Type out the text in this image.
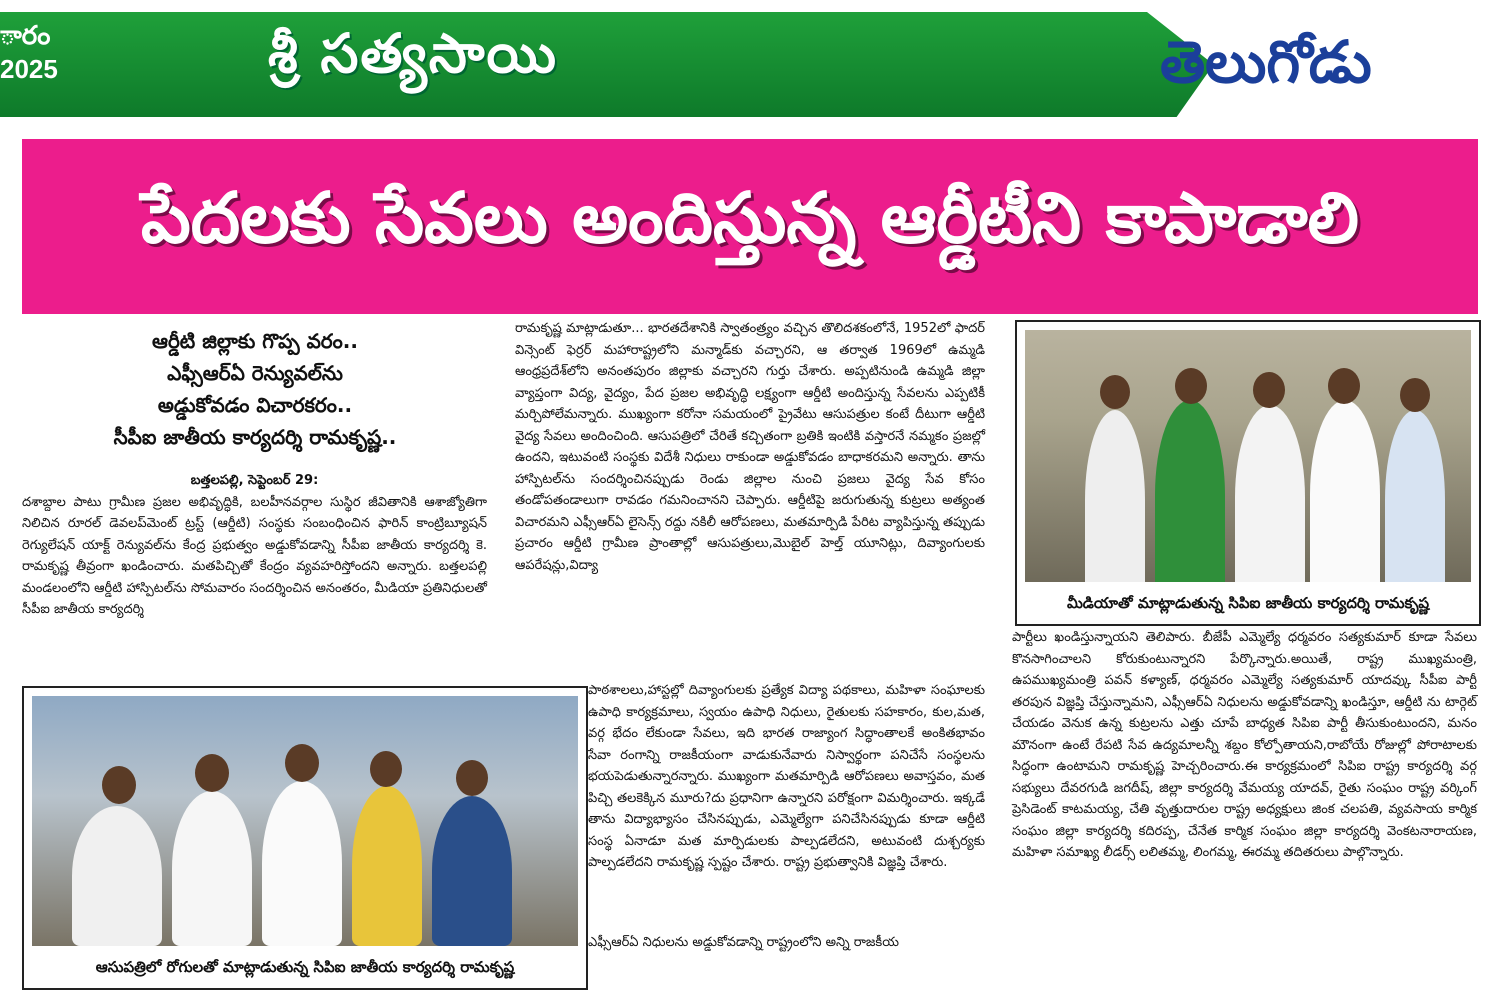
ారం
2025	శ్రీ సత్యసాయి	తెలుగోడు
పేదలకు సేవలు అందిస్తున్న ఆర్డీటీని కాపాడాలి
ఆర్డీటి జిల్లాకు గొప్ప వరం..
ఎఫ్సీఆర్ఏ రెన్యువల్‌ను
అడ్డుకోవడం విచారకరం..
సీపీఐ జాతీయ కార్యదర్శి రామకృష్ణ..

బత్తలపల్లి, సెప్టెంబర్ 29:

దశాబ్దాల పాటు గ్రామీణ ప్రజల అభివృద్ధికి, బలహీనవర్గాల సుస్థిర జీవితానికి ఆశాజ్యోతిగా నిలిచిన రూరల్ డెవలప్‌మెంట్ ట్రస్ట్ (ఆర్డీటి) సంస్థకు సంబంధించిన ఫారిన్ కాంట్రిబ్యూషన్ రెగ్యులేషన్ యాక్ట్ రెన్యువల్‌ను కేంద్ర ప్రభుత్వం అడ్డుకోవడాన్ని సీపీఐ జాతీయ కార్యదర్శి కె. రామకృష్ణ తీవ్రంగా ఖండించారు. మతపిచ్చితో కేంద్రం వ్యవహరిస్తోందని అన్నారు. బత్తలపల్లి మండలంలోని ఆర్డీటి హాస్పిటల్‌ను సోమవారం సందర్శించిన అనంతరం, మీడియా ప్రతినిధులతో సీపీఐ జాతీయ కార్యదర్శి

రామకృష్ణ మాట్లాడుతూ... భారతదేశానికి స్వాతంత్ర్యం వచ్చిన తొలిదశకంలోనే, 1952లో ఫాదర్ విన్సెంట్ ఫెర్రర్ మహారాష్ట్రలోని మన్మాడ్‌కు వచ్చారని, ఆ తర్వాత 1969లో ఉమ్మడి ఆంధ్రప్రదేశ్‌లోని అనంతపురం జిల్లాకు వచ్చారని గుర్తు చేశారు. అప్పటినుండి ఉమ్మడి జిల్లా వ్యాప్తంగా విద్య, వైద్యం, పేద ప్రజల అభివృద్ధి లక్ష్యంగా ఆర్డీటి అందిస్తున్న సేవలను ఎప్పటికీ మర్చిపోలేమన్నారు. ముఖ్యంగా కరోనా సమయంలో ప్రైవేటు ఆసుపత్రుల కంటే దీటుగా ఆర్డీటి వైద్య సేవలు అందించింది. ఆసుపత్రిలో చేరితే కచ్చితంగా బ్రతికి ఇంటికి వస్తారనే నమ్మకం ప్రజల్లో ఉందని, ఇటువంటి సంస్థకు విదేశీ నిధులు రాకుండా అడ్డుకోవడం బాధాకరమని అన్నారు. తాను హాస్పిటల్‌ను సందర్శించినప్పుడు రెండు జిల్లాల నుంచి ప్రజలు వైద్య సేవ కోసం తండోపతండాలుగా రావడం గమనించానని చెప్పారు. ఆర్డీటిపై జరుగుతున్న కుట్రలు అత్యంత విచారమని ఎఫ్సీఆర్ఏ లైసెన్స్ రద్దు నకిలీ ఆరోపణలు, మతమార్పిడి పేరిట వ్యాపిస్తున్న తప్పుడు ప్రచారం ఆర్డీటి గ్రామీణ ప్రాంతాల్లో ఆసుపత్రులు,మొబైల్ హెల్త్ యూనిట్లు, దివ్యాంగులకు ఆపరేషన్లు,విద్యా

పాఠశాలలు,హాస్టల్లో దివ్యాంగులకు ప్రత్యేక విద్యా పథకాలు, మహిళా సంఘాలకు ఉపాధి కార్యక్రమాలు, స్వయం ఉపాధి నిధులు, రైతులకు సహకారం, కుల,మత, వర్గ భేదం లేకుండా సేవలు, ఇది భారత రాజ్యాంగ సిద్ధాంతాలకే అంకితభావం సేవా రంగాన్ని రాజకీయంగా వాడుకునేవారు నిస్వార్థంగా పనిచేసే సంస్థలను భయపెడుతున్నారన్నారు. ముఖ్యంగా మతమార్పిడి ఆరోపణలు అవాస్తవం, మత పిచ్చి తలకెక్కిన మూరు?దు ప్రధానిగా ఉన్నారని పరోక్షంగా విమర్శించారు. ఇక్కడే తాను విద్యాభ్యాసం చేసినప్పుడు, ఎమ్మెల్యేగా పనిచేసినప్పుడు కూడా ఆర్డీటి సంస్థ ఏనాడూ మత మార్పిడులకు పాల్పడలేదని, అటువంటి దుశ్చర్యకు పాల్పడలేదని రామకృష్ణ స్పష్టం చేశారు. రాష్ట్ర ప్రభుత్వానికి విజ్ఞప్తి చేశారు.

ఎఫ్సీఆర్ఏ నిధులను అడ్డుకోవడాన్ని రాష్ట్రంలోని అన్ని రాజకీయ

పార్టీలు ఖండిస్తున్నాయని తెలిపారు. బీజేపీ ఎమ్మెల్యే ధర్మవరం సత్యకుమార్ కూడా సేవలు కొనసాగించాలని కోరుకుంటున్నారని పేర్కొన్నారు.అయితే, రాష్ట్ర ముఖ్యమంత్రి, ఉపముఖ్యమంత్రి పవన్ కళ్యాణ్, ధర్మవరం ఎమ్మెల్యే సత్యకుమార్ యాదవ్కు సీపీఐ పార్టీ తరపున విజ్ఞప్తి చేస్తున్నామని, ఎఫ్సీఆర్ఏ నిధులను అడ్డుకోవడాన్ని ఖండిస్తూ, ఆర్డీటి ను టార్గెట్ చేయడం వెనుక ఉన్న కుట్రలను ఎత్తు చూపే బాధ్యత సిపిఐ పార్టీ తీసుకుంటుందని, మనం మౌనంగా ఉంటే రేపటి సేవ ఉద్యమాలన్నీ శబ్దం కోల్పోతాయని,రాబోయే రోజుల్లో పోరాటాలకు సిద్ధంగా ఉంటామని రామకృష్ణ హెచ్చరించారు.ఈ కార్యక్రమంలో సిపిఐ రాష్ట్ర కార్యదర్శి వర్గ సభ్యులు దేవరగుడి జగదీష్, జిల్లా కార్యదర్శి వేమయ్య యాదవ్, రైతు సంఘం రాష్ట్ర వర్కింగ్ ప్రెసిడెంట్ కాటమయ్య, చేతి వృత్తుదారుల రాష్ట్ర అధ్యక్షులు జింక చలపతి, వ్యవసాయ కార్మిక సంఘం జిల్లా కార్యదర్శి కదిరప్ప, చేనేత కార్మిక సంఘం జిల్లా కార్యదర్శి వెంకటనారాయణ, మహిళా సమాఖ్య లీడర్స్ లలితమ్మ, లింగమ్మ, ఈరమ్మ తదితరులు పాల్గొన్నారు.

మీడియాతో మాట్లాడుతున్న సిపిఐ జాతీయ కార్యదర్శి రామకృష్ణ
ఆసుపత్రిలో రోగులతో మాట్లాడుతున్న సిపిఐ జాతీయ కార్యదర్శి రామకృష్ణ
